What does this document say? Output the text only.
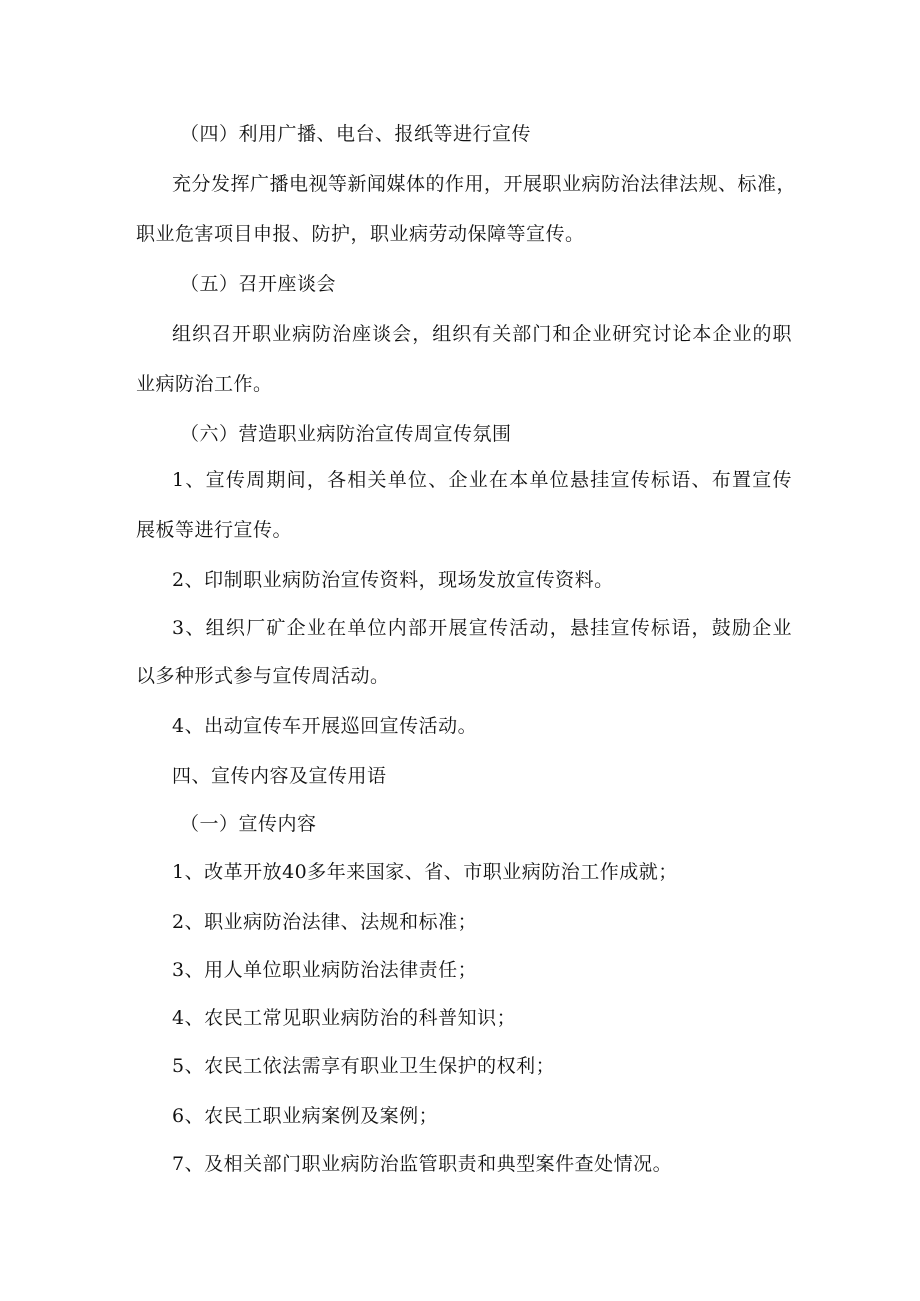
（四）利用广播、电台、报纸等进行宣传
充分发挥广播电视等新闻媒体的作用，开展职业病防治法律法规、标准，
职业危害项目申报、防护，职业病劳动保障等宣传。
（五）召开座谈会
组织召开职业病防治座谈会，组织有关部门和企业研究讨论本企业的职
业病防治工作。
（六）营造职业病防治宣传周宣传氛围
1、宣传周期间，各相关单位、企业在本单位悬挂宣传标语、布置宣传
展板等进行宣传。
2、印制职业病防治宣传资料，现场发放宣传资料。
3、组织厂矿企业在单位内部开展宣传活动，悬挂宣传标语，鼓励企业
以多种形式参与宣传周活动。
4、出动宣传车开展巡回宣传活动。
四、宣传内容及宣传用语
（一）宣传内容
1、改革开放40多年来国家、省、市职业病防治工作成就；
2、职业病防治法律、法规和标准；
3、用人单位职业病防治法律责任；
4、农民工常见职业病防治的科普知识；
5、农民工依法需享有职业卫生保护的权利；
6、农民工职业病案例及案例；
7、及相关部门职业病防治监管职责和典型案件查处情况。
